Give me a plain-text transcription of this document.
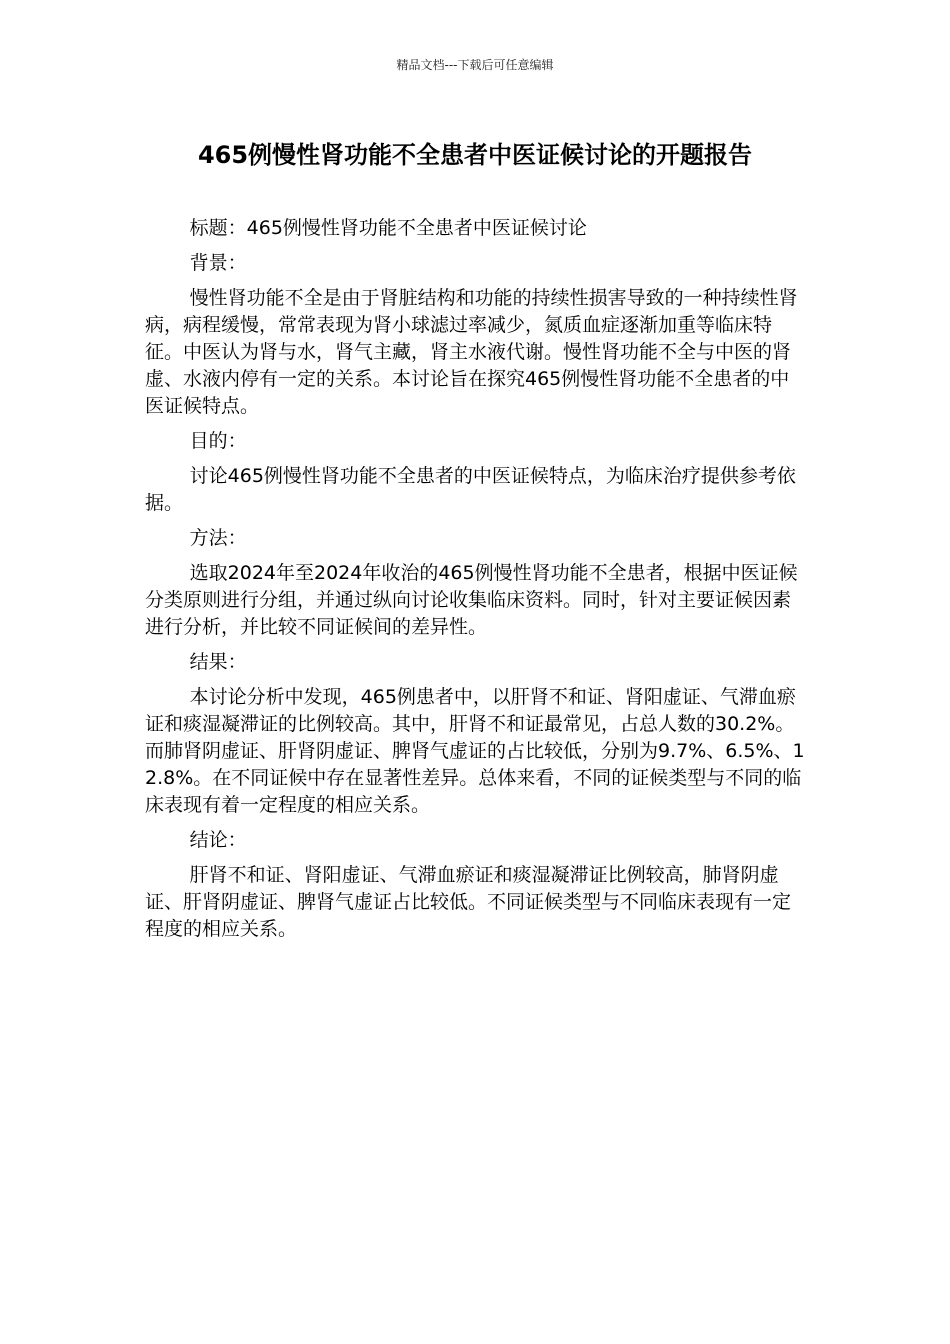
精品文档---下载后可任意编辑
465例慢性肾功能不全患者中医证候讨论的开题报告

标题：465例慢性肾功能不全患者中医证候讨论

背景：

慢性肾功能不全是由于肾脏结构和功能的持续性损害导致的一种持续性肾病，病程缓慢，常常表现为肾小球滤过率减少，氮质血症逐渐加重等临床特征。中医认为肾与水，肾气主藏，肾主水液代谢。慢性肾功能不全与中医的肾虚、水液内停有一定的关系。本讨论旨在探究465例慢性肾功能不全患者的中医证候特点。

目的：

讨论465例慢性肾功能不全患者的中医证候特点，为临床治疗提供参考依据。

方法：

选取2024年至2024年收治的465例慢性肾功能不全患者，根据中医证候分类原则进行分组，并通过纵向讨论收集临床资料。同时，针对主要证候因素进行分析，并比较不同证候间的差异性。

结果：

本讨论分析中发现，465例患者中，以肝肾不和证、肾阳虚证、气滞血瘀证和痰湿凝滞证的比例较高。其中，肝肾不和证最常见，占总人数的30.2%。而肺肾阴虚证、肝肾阴虚证、脾肾气虚证的占比较低，分别为9.7%、6.5%、12.8%。在不同证候中存在显著性差异。总体来看，不同的证候类型与不同的临床表现有着一定程度的相应关系。

结论：

肝肾不和证、肾阳虚证、气滞血瘀证和痰湿凝滞证比例较高，肺肾阴虚证、肝肾阴虚证、脾肾气虚证占比较低。不同证候类型与不同临床表现有一定程度的相应关系。
